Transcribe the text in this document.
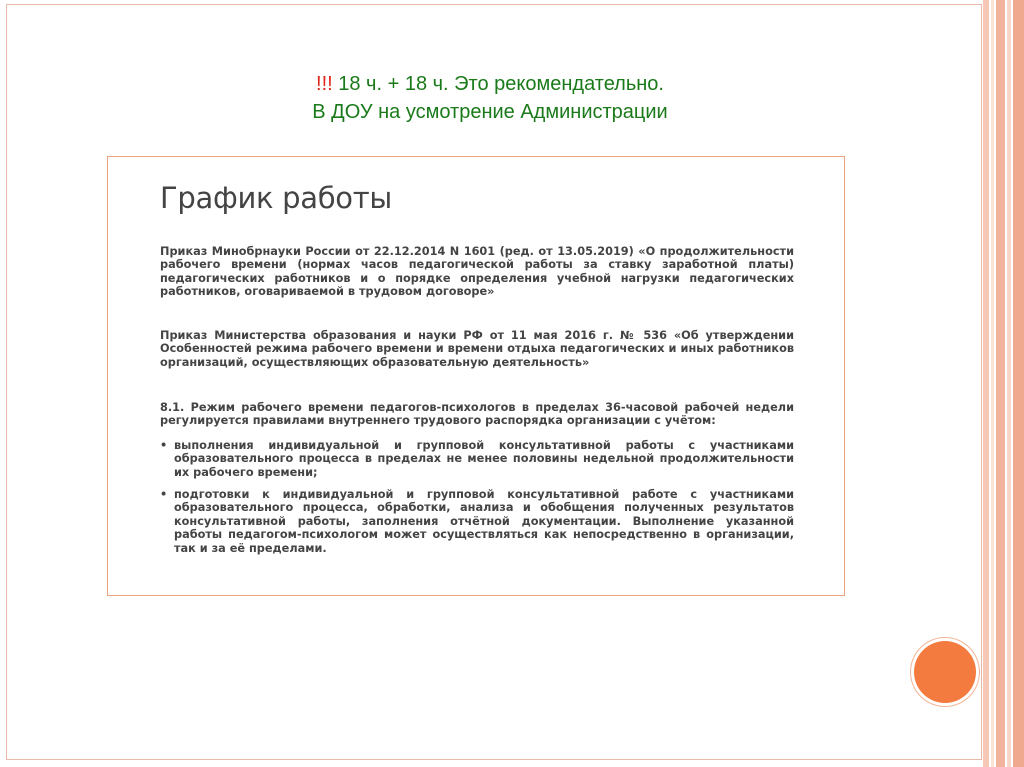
!!! 18 ч. + 18 ч. Это рекомендательно.
В ДОУ на усмотрение Администрации
График работы
Приказ Минобрнауки России от 22.12.2014 N 1601 (ред. от 13.05.2019) «О продолжительности рабочего времени (нормах часов педагогической работы за ставку заработной платы) педагогических работников и о порядке определения учебной нагрузки педагогических работников, оговариваемой в трудовом договоре»
Приказ Министерства образования и науки РФ от 11 мая 2016 г. № 536 «Об утверждении Особенностей режима рабочего времени и времени отдыха педагогических и иных работников организаций, осуществляющих образовательную деятельность»
8.1. Режим рабочего времени педагогов-психологов в пределах 36-часовой рабочей недели регулируется правилами внутреннего трудового распорядка организации с учётом:
• выполнения индивидуальной и групповой консультативной работы с участниками образовательного процесса в пределах не менее половины недельной продолжительности их рабочего времени;
• подготовки к индивидуальной и групповой консультативной работе с участниками образовательного процесса, обработки, анализа и обобщения полученных результатов консультативной работы, заполнения отчётной документации. Выполнение указанной работы педагогом-психологом может осуществляться как непосредственно в организации, так и за её пределами.
